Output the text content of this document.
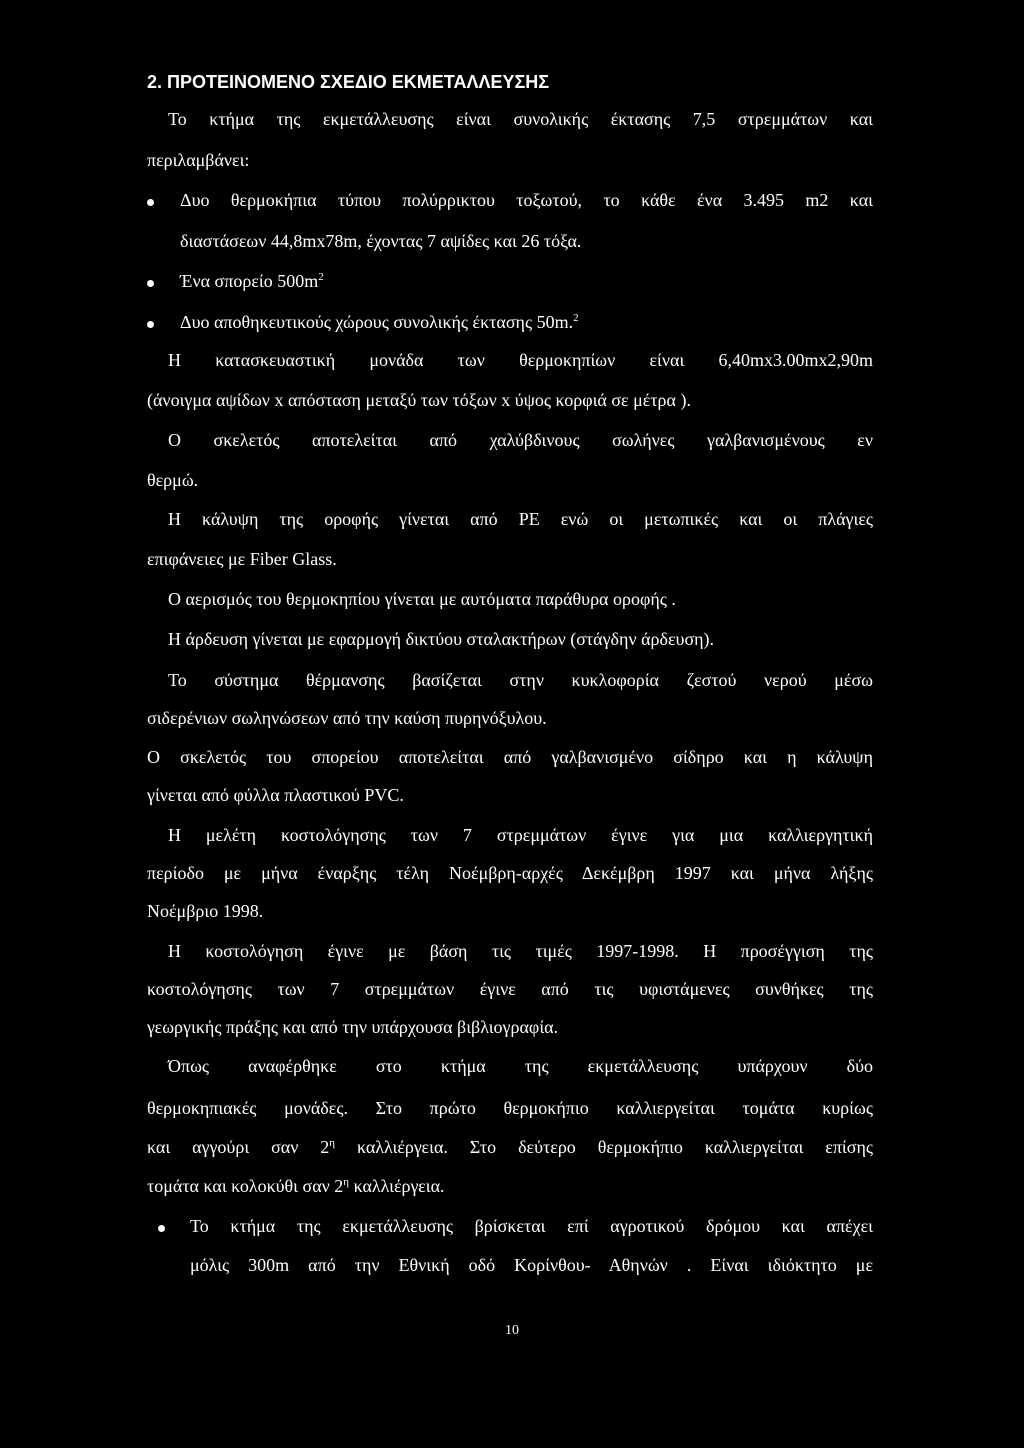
2. ΠΡΟΤΕΙΝΟΜΕΝΟ ΣΧΕΔΙΟ ΕΚΜΕΤΑΛΛΕΥΣΗΣ
Το κτήμα της εκμετάλλευσης είναι συνολικής έκτασης 7,5 στρεμμάτων και
περιλαμβάνει:
Δυο θερμοκήπια τύπου πολύρρικτου τοξωτού, το κάθε ένα 3.495 m2 και
διαστάσεων 44,8mx78m, έχοντας 7 αψίδες και 26 τόξα.
Ένα σπορείο $500m^2$
Δυο αποθηκευτικούς χώρους συνολικής έκτασης 50m.$^2$
Η κατασκευαστική μονάδα των θερμοκηπίων είναι 6,40mx3.00mx2,90m
(άνοιγμα αψίδων x απόσταση μεταξύ των τόξων x ύψος κορφιά σε μέτρα ).
Ο σκελετός αποτελείται από χαλύβδινους σωλήνες γαλβανισμένους εν
θερμώ.
Η κάλυψη της οροφής γίνεται από PE ενώ οι μετωπικές και οι πλάγιες
επιφάνειες με Fiber Glass.
Ο αερισμός του θερμοκηπίου γίνεται με αυτόματα παράθυρα οροφής .
Η άρδευση γίνεται με εφαρμογή δικτύου σταλακτήρων (στάγδην άρδευση).
Το σύστημα θέρμανσης βασίζεται στην κυκλοφορία ζεστού νερού μέσω
σιδερένιων σωληνώσεων από την καύση πυρηνόξυλου.
Ο σκελετός του σπορείου αποτελείται από γαλβανισμένο σίδηρο και η κάλυψη
γίνεται από φύλλα πλαστικού PVC.
Η μελέτη κοστολόγησης των 7 στρεμμάτων έγινε για μια καλλιεργητική
περίοδο με μήνα έναρξης τέλη Νοέμβρη-αρχές Δεκέμβρη 1997 και μήνα λήξης
Νοέμβριο 1998.
Η κοστολόγηση έγινε με βάση τις τιμές 1997-1998. Η προσέγγιση της
κοστολόγησης των 7 στρεμμάτων έγινε από τις υφιστάμενες συνθήκες της
γεωργικής πράξης και από την υπάρχουσα βιβλιογραφία.
Όπως αναφέρθηκε στο κτήμα της εκμετάλλευσης υπάρχουν δύο
θερμοκηπιακές μονάδες. Στο πρώτο θερμοκήπιο καλλιεργείται τομάτα κυρίως
και αγγούρι σαν $2^\eta$ καλλιέργεια. Στο δεύτερο θερμοκήπιο καλλιεργείται επίσης
τομάτα και κολοκύθι σαν $2^\eta$ καλλιέργεια.
Το κτήμα της εκμετάλλευσης βρίσκεται επί αγροτικού δρόμου και απέχει
μόλις 300m από την Εθνική οδό Κορίνθου- Αθηνών . Είναι ιδιόκτητο με
10
